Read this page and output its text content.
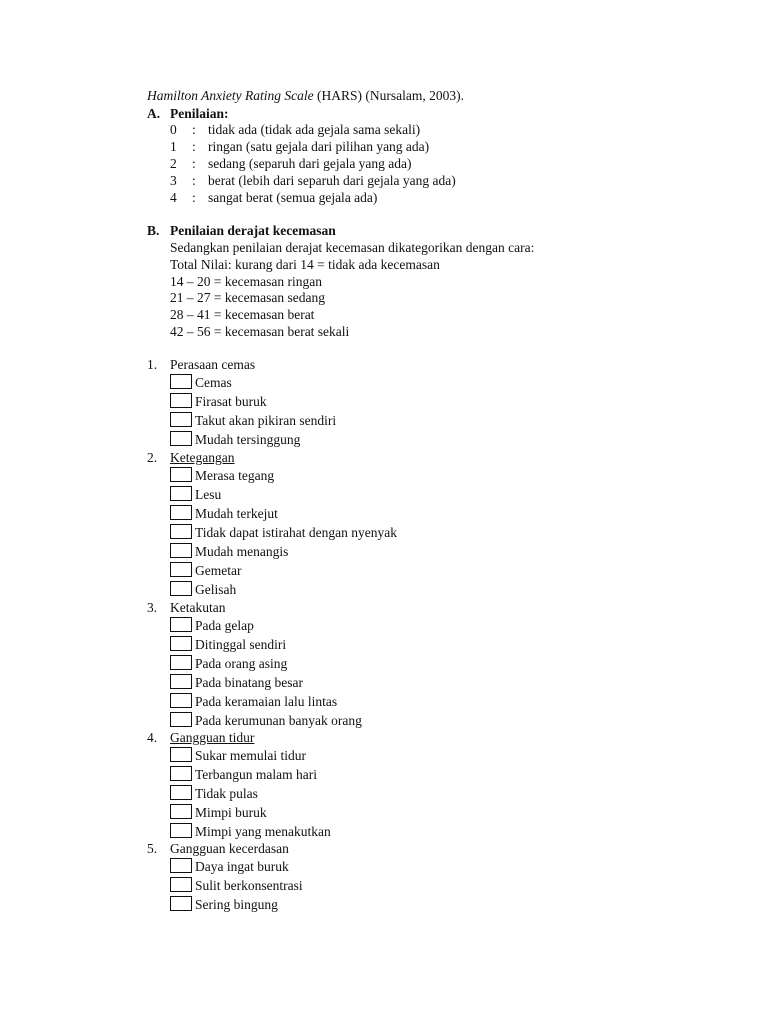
Hamilton Anxiety Rating Scale (HARS) (Nursalam, 2003).
A. Penilaian:
0	: tidak ada (tidak ada gejala sama sekali)
1	: ringan (satu gejala dari pilihan yang ada)
2	: sedang (separuh dari gejala yang ada)
3	: berat (lebih dari separuh dari gejala yang ada)
4	: sangat berat (semua gejala ada)
B. Penilaian derajat kecemasan
Sedangkan penilaian derajat kecemasan dikategorikan dengan cara:
Total Nilai: kurang dari 14 = tidak ada kecemasan
14 – 20 = kecemasan ringan
21 – 27 = kecemasan sedang
28 – 41 = kecemasan berat
42 – 56 = kecemasan berat sekali
1. Perasaan cemas
Cemas
Firasat buruk
Takut akan pikiran sendiri
Mudah tersinggung
2. Ketegangan
Merasa tegang
Lesu
Mudah terkejut
Tidak dapat istirahat dengan nyenyak
Mudah menangis
Gemetar
Gelisah
3. Ketakutan
Pada gelap
Ditinggal sendiri
Pada orang asing
Pada binatang besar
Pada keramaian lalu lintas
Pada kerumunan banyak orang
4. Gangguan tidur
Sukar memulai tidur
Terbangun malam hari
Tidak pulas
Mimpi buruk
Mimpi yang menakutkan
5. Gangguan kecerdasan
Daya ingat buruk
Sulit berkonsentrasi
Sering bingung
